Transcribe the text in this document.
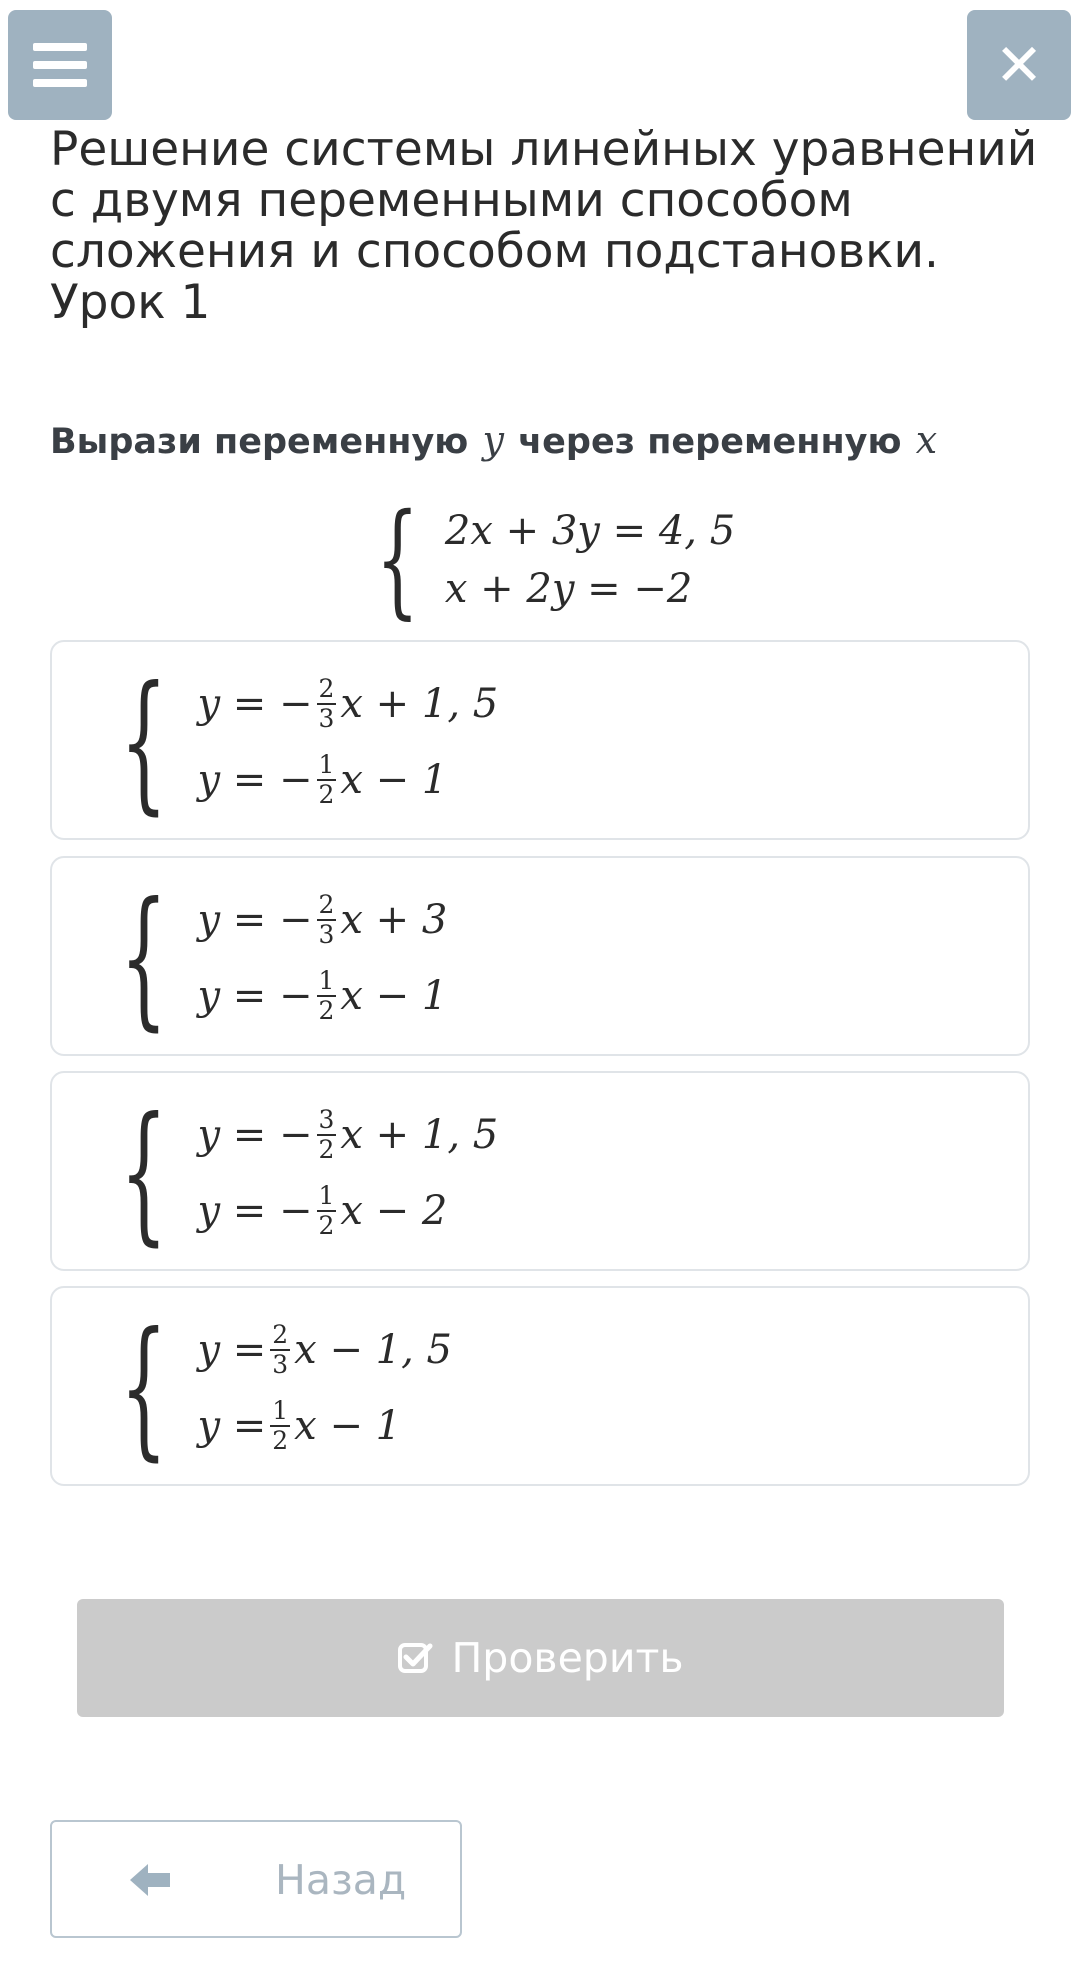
✕
Решение системы линейных уравнений с двумя переменными способом сложения и способом подстановки. Урок 1

Вырази переменную y через переменную x

{ 2x + 3y = 4, 5
x + 2y = −2
{ y = − $\frac{2}{3}$ x + 1, 5
y = − $\frac{1}{2}$ x − 1
{ y = − $\frac{2}{3}$ x + 3
y = − $\frac{1}{2}$ x − 1
{ y = − $\frac{3}{2}$ x + 1, 5
y = − $\frac{1}{2}$ x − 2
{ $y = \frac{2}{3}$ x − 1, 5
$y = \frac{1}{2}$ x − 1
Проверить
Назад
